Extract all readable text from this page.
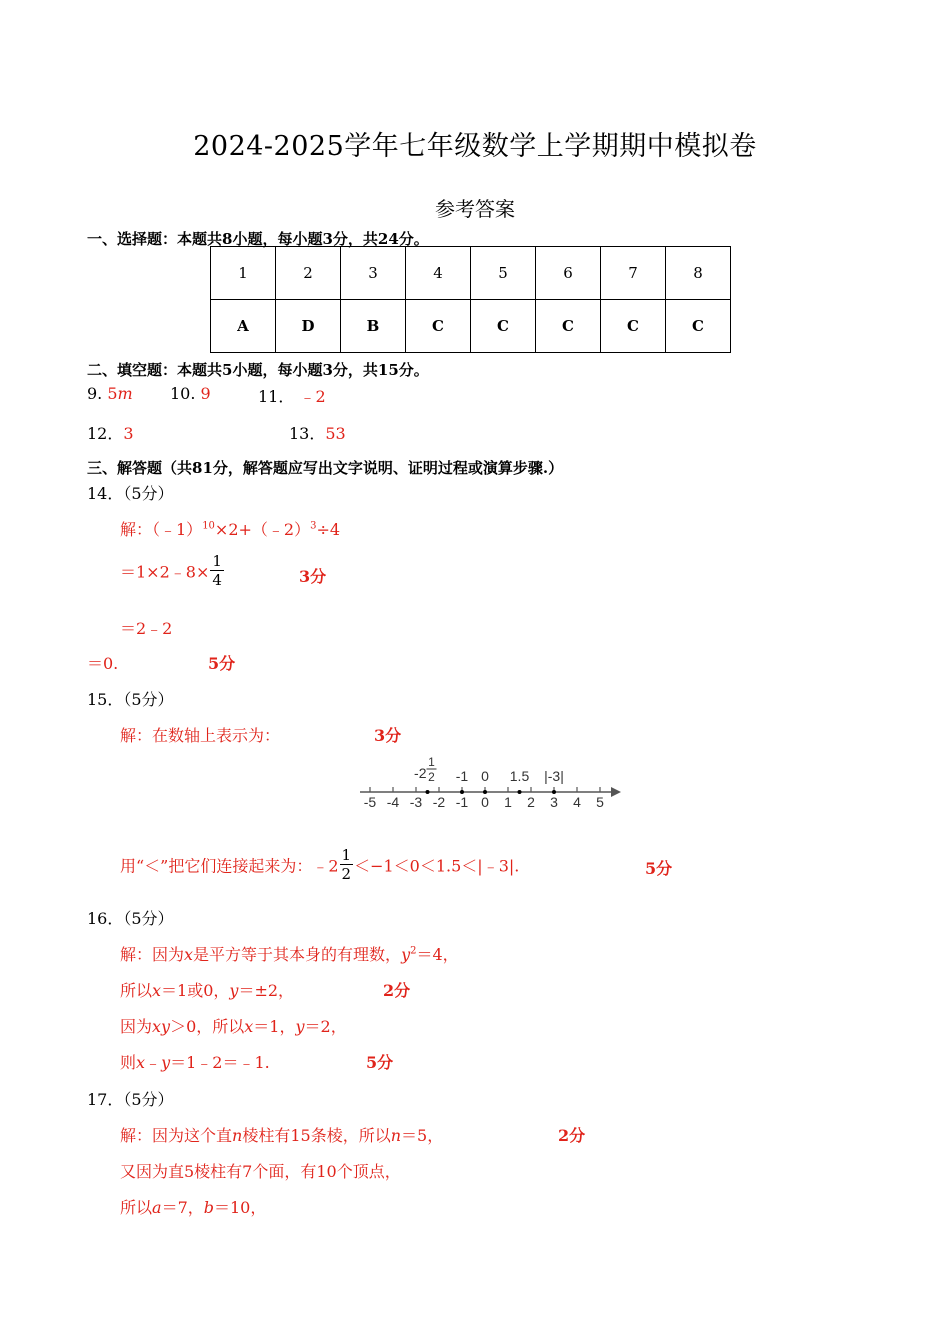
2024-2025学年七年级数学上学期期中模拟卷
参考答案
一、选择题：本题共8小题，每小题3分，共24分。
1	2	3	4	5	6	7	8
A	D	B	C	C	C	C	C
二、填空题：本题共5小题，每小题3分，共15分。
9. 5m 10. 9	11． ﹣2
12．3	13．53
三、解答题（共81分，解答题应写出文字说明、证明过程或演算步骤.）
14．（5分）
解：（﹣1）$^{10}$×2+（﹣2）$^3$÷4
＝1×2﹣8× $\frac{1}{4}$	3分
＝2﹣2
＝0.	5分
15．（5分）
解：在数轴上表示为：	3分
-5 -4 -3 -2 -1 0 1 2 3 4 5
-2
1
2 -1 0 1.5 |-3|
用“＜”把它们连接起来为：﹣2 $\frac{1}{2}$ ＜−1＜0＜1.5＜|﹣3|.	5分
16．（5分）
解：因为x是平方等于其本身的有理数，$y^2=4$，
所以x＝1或0，y＝±2，	2分
因为xy＞0，所以x＝1，y＝2，
则x﹣y＝1﹣2＝﹣1.	5分
17．（5分）
解：因为这个直n棱柱有15条棱，所以n＝5，	2分
又因为直5棱柱有7个面，有10个顶点，
所以a＝7，b＝10，
